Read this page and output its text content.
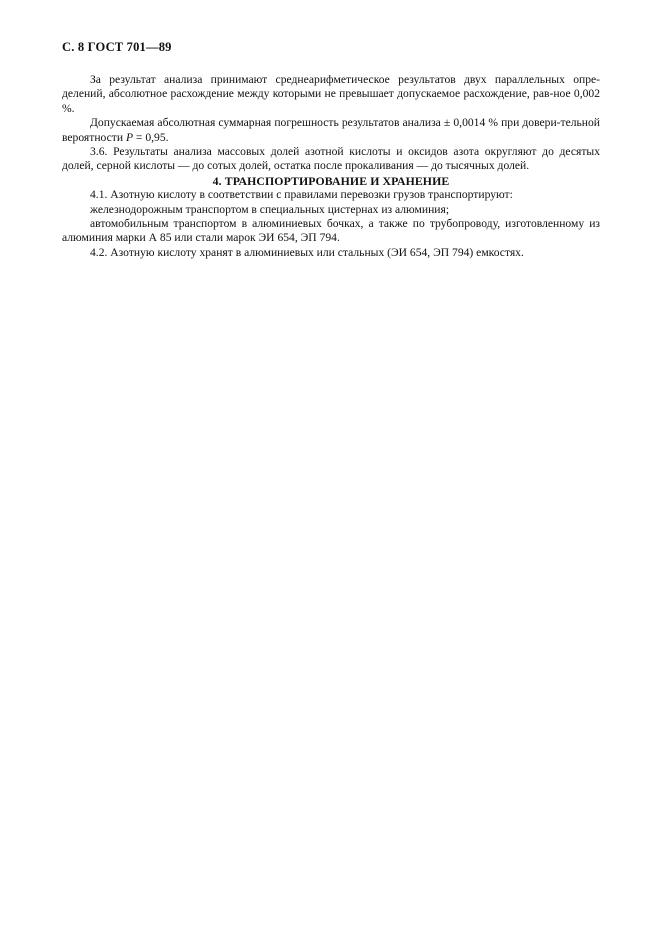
С. 8 ГОСТ 701—89

За результат анализа принимают среднеарифметическое результатов двух параллельных опре- делений, абсолютное расхождение между которыми не превышает допускаемое расхождение, рав-ное 0,002 %.

Допускаемая абсолютная суммарная погрешность результатов анализа ± 0,0014 % при довери-тельной вероятности P = 0,95.

3.6. Результаты анализа массовых долей азотной кислоты и оксидов азота округляют до десятых долей, серной кислоты — до сотых долей, остатка после прокаливания — до тысячных долей.

4. ТРАНСПОРТИРОВАНИЕ И ХРАНЕНИЕ

4.1. Азотную кислоту в соответствии с правилами перевозки грузов транспортируют:

железнодорожным транспортом в специальных цистернах из алюминия;

автомобильным транспортом в алюминиевых бочках, а также по трубопроводу, изготовленному из алюминия марки А 85 или стали марок ЭИ 654, ЭП 794.

4.2. Азотную кислоту хранят в алюминиевых или стальных (ЭИ 654, ЭП 794) емкостях.
